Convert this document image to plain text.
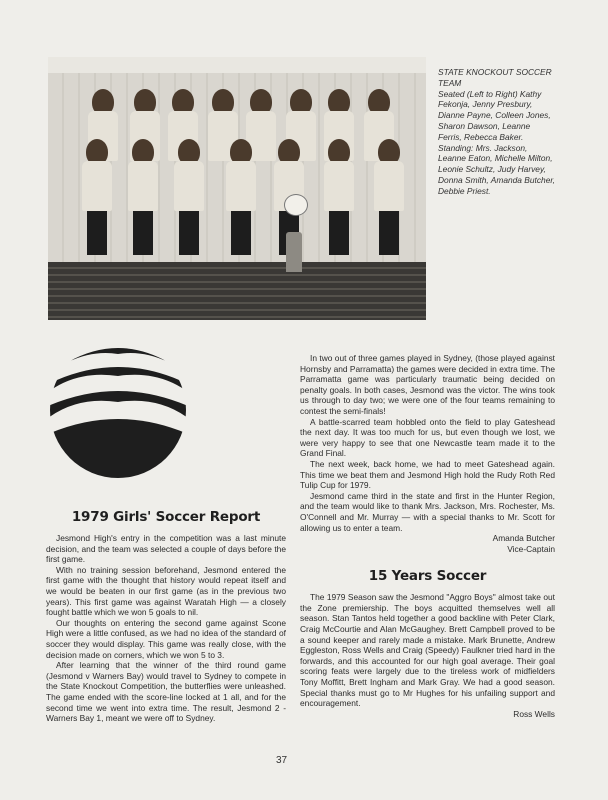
STATE KNOCKOUT SOCCER TEAM
Seated (Left to Right) Kathy Fekonja, Jenny Presbury, Dianne Payne, Colleen Jones, Sharon Dawson, Leanne Ferris, Rebecca Baker. Standing: Mrs. Jackson, Leanne Eaton, Michelle Milton, Leonie Schultz, Judy Harvey, Donna Smith, Amanda Butcher, Debbie Priest.
1979 Girls' Soccer Report

Jesmond High's entry in the competition was a last minute decision, and the team was selected a couple of days before the first game.

With no training session beforehand, Jesmond entered the first game with the thought that history would repeat itself and we would be beaten in our first game (as in the previous two years). This first game was against Waratah High — a closely fought battle which we won 5 goals to nil.

Our thoughts on entering the second game against Scone High were a little confused, as we had no idea of the standard of soccer they would display. This game was really close, with the decision made on corners, which we won 5 to 3.

After learning that the winner of the third round game (Jesmond v Warners Bay) would travel to Sydney to compete in the State Knockout Competition, the butterflies were unleashed. The game ended with the score-line locked at 1 all, and for the second time we went into extra time. The result, Jesmond 2 - Warners Bay 1, meant we were off to Sydney.

In two out of three games played in Sydney, (those played against Hornsby and Parramatta) the games were decided in extra time. The Parramatta game was particularly traumatic being decided on penalty goals. In both cases, Jesmond was the victor. The wins took us through to day two; we were one of the four teams remaining to contest the semi-finals!

A battle-scarred team hobbled onto the field to play Gateshead the next day. It was too much for us, but even though we lost, we were very happy to see that one Newcastle team made it to the Grand Final.

The next week, back home, we had to meet Gateshead again. This time we beat them and Jesmond High hold the Rudy Roth Red Tulip Cup for 1979.

Jesmond came third in the state and first in the Hunter Region, and the team would like to thank Mrs. Jackson, Mrs. Rochester, Ms. O'Connell and Mr. Murray — with a special thanks to Mr. Scott for allowing us to enter a team.

Amanda Butcher

Vice-Captain

15 Years Soccer

The 1979 Season saw the Jesmond "Aggro Boys" almost take out the Zone premiership. The boys acquitted themselves well all season. Stan Tantos held together a good backline with Peter Clark, Craig McCourtie and Alan McGaughey. Brett Campbell proved to be a sound keeper and rarely made a mistake. Mark Brunette, Andrew Eggleston, Ross Wells and Craig (Speedy) Faulkner tried hard in the forwards, and this accounted for our high goal average. Their goal scoring feats were largely due to the tireless work of midfielders Tony Moffitt, Brett Ingham and Mark Gray. We had a good season. Special thanks must go to Mr Hughes for his unfailing support and encouragement.

Ross Wells

37
